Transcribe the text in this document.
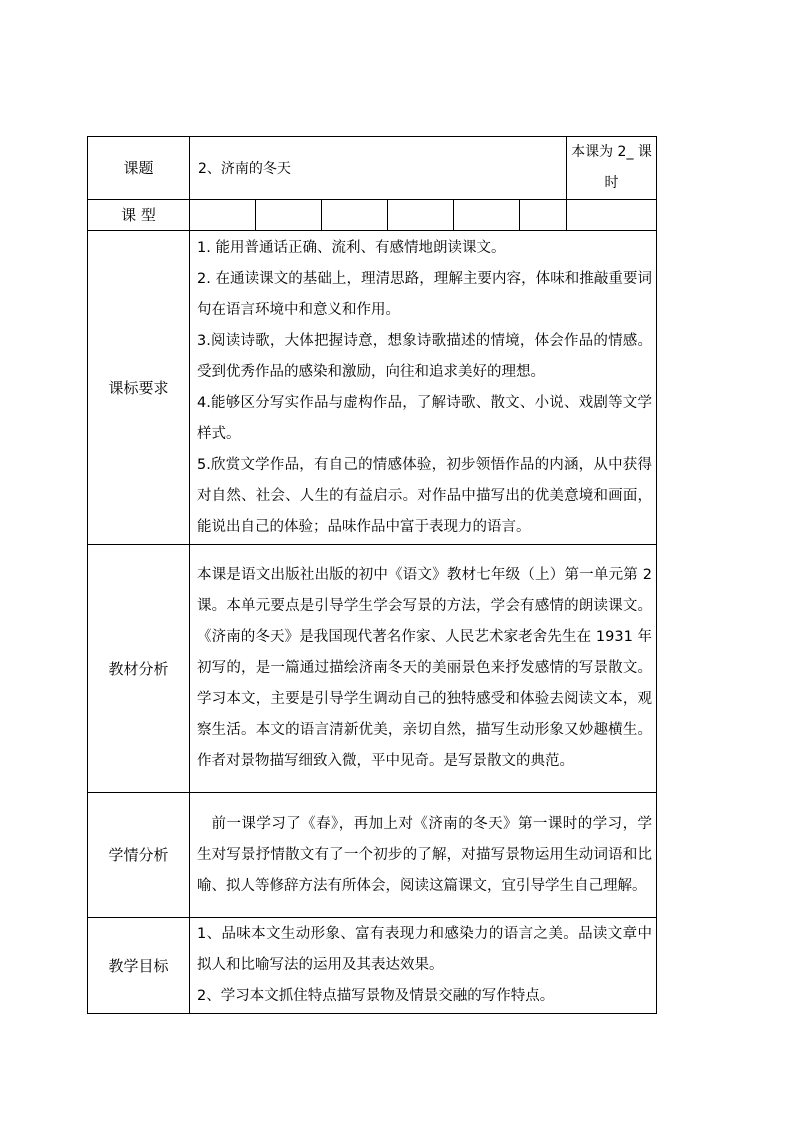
课题	2、济南的冬天						本课为 2_ 课时
课 型							
课标要求	1. 能用普通话正确、流利、有感情地朗读课文。

2. 在通读课文的基础上，理清思路，理解主要内容，体味和推敲重要词句在语言环境中和意义和作用。

3.阅读诗歌，大体把握诗意，想象诗歌描述的情境，体会作品的情感。受到优秀作品的感染和激励，向往和追求美好的理想。

4.能够区分写实作品与虚构作品，了解诗歌、散文、小说、戏剧等文学样式。

5.欣赏文学作品，有自己的情感体验，初步领悟作品的内涵，从中获得对自然、社会、人生的有益启示。对作品中描写出的优美意境和画面，能说出自己的体验；品味作品中富于表现力的语言。						

教材分析	本课是语文出版社出版的初中《语文》教材七年级（上）第一单元第 2 课。本单元要点是引导学生学会写景的方法，学会有感情的朗读课文。《济南的冬天》是我国现代著名作家、人民艺术家老舍先生在 1931 年初写的，是一篇通过描绘济南冬天的美丽景色来抒发感情的写景散文。学习本文，主要是引导学生调动自己的独特感受和体验去阅读文本，观察生活。本文的语言清新优美，亲切自然，描写生动形象又妙趣横生。作者对景物描写细致入微，平中见奇。是写景散文的典范。						

学情分析	前一课学习了《春》，再加上对《济南的冬天》第一课时的学习，学生对写景抒情散文有了一个初步的了解，对描写景物运用生动词语和比喻、拟人等修辞方法有所体会，阅读这篇课文，宜引导学生自己理解。						

教学目标	1、品味本文生动形象、富有表现力和感染力的语言之美。品读文章中拟人和比喻写法的运用及其表达效果。

2、学习本文抓住特点描写景物及情景交融的写作特点。						
